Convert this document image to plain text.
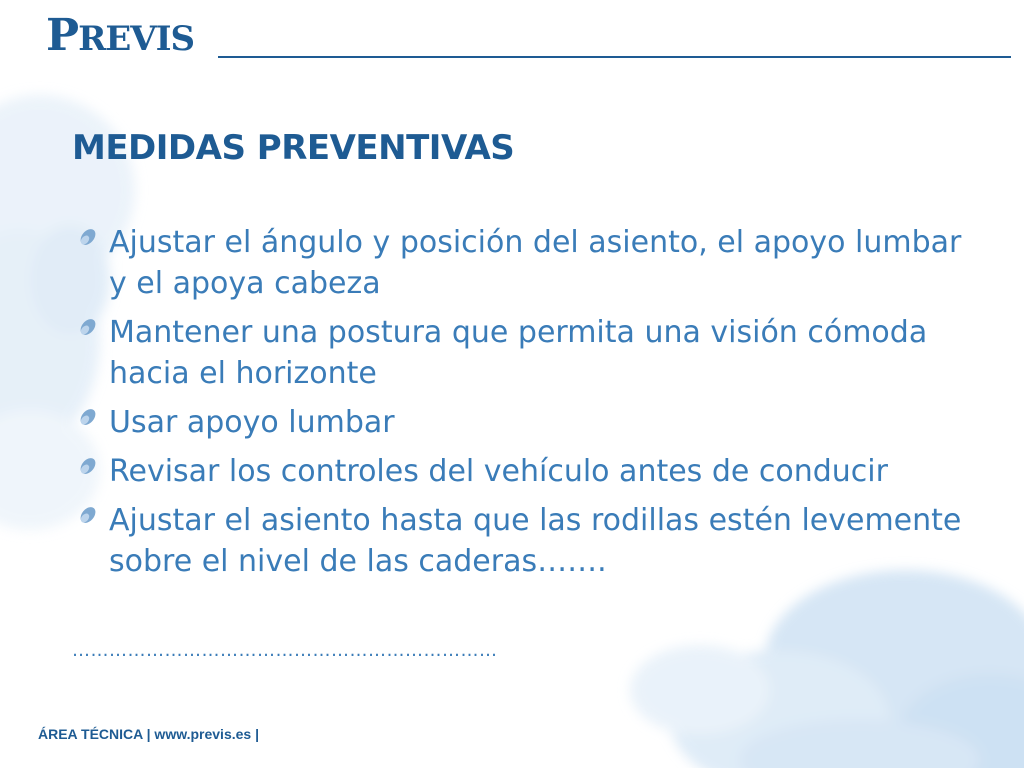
PREVIS
MEDIDAS PREVENTIVAS
Ajustar el ángulo y posición del asiento, el apoyo lumbar y el apoya cabeza
Mantener una postura que permita una visión cómoda hacia el horizonte
Usar apoyo lumbar
Revisar los controles del vehículo antes de conducir
Ajustar el asiento hasta que las rodillas estén levemente sobre el nivel de las caderas…….
……………………………………………………………
ÁREA TÉCNICA | www.previs.es |
